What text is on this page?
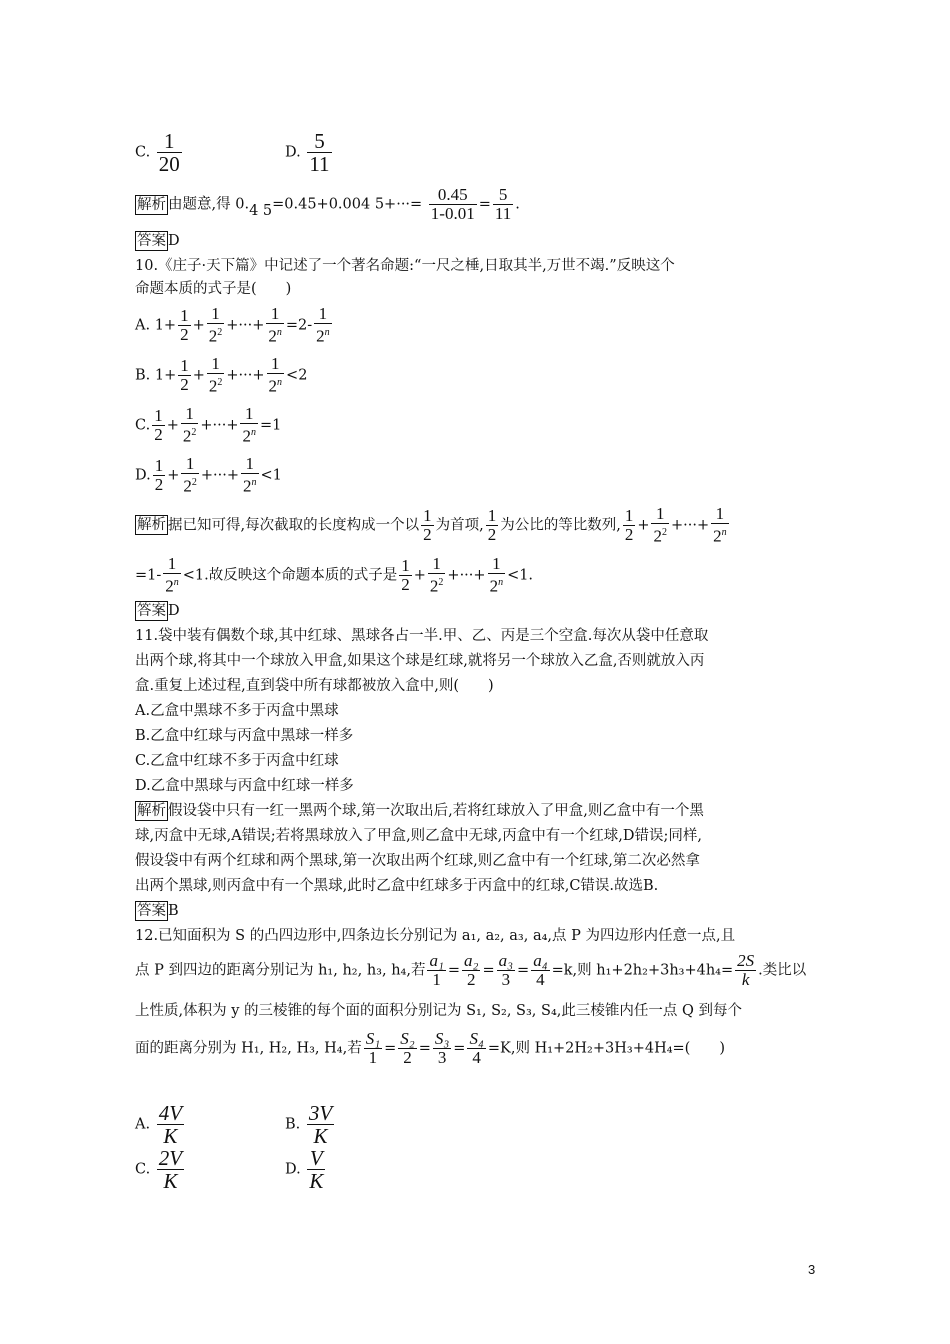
C. $\frac{1}{20}$	D. $\frac{5}{11}$
解析 由题意,得 0.4 5=0.45+0.004 $5+\cdot\cdot\cdot= \frac{0.45}{1-0.01} = \frac{5}{11}$ .
答案 D
10.《庄子·天下篇》中记述了一个著名命题:“一尺之棰,日取其半,万世不竭.”反映这个
命题本质的式子是(　　)
A. $1+ \frac{1}{2} + \frac{1}{2^2}$ +···+ $\frac{1}{2^n} =2- \frac{1}{2^n}$
B. $1+ \frac{1}{2} + \frac{1}{2^2}$ +···+ $\frac{1}{2^n} <2$
C. $\frac{1}{2} + \frac{1}{2^2}$ +···+ $\frac{1}{2^n} =1$
D. $\frac{1}{2} + \frac{1}{2^2}$ +···+ $\frac{1}{2^n} <1$
解析 据已知可得,每次截取的长度构成一个以 $\frac{1}{2}$ 为首项, $\frac{1}{2}$ 为公比的等比数列, $\frac{1}{2} + \frac{1}{2^2}$ +···+ $\frac{1}{2^n}$
$=1- \frac{1}{2^n} <1$.故反映这个命题本质的式子是 $\frac{1}{2} + \frac{1}{2^2}$ +···+ $\frac{1}{2^n} <1$.
答案 D
11.袋中装有偶数个球,其中红球、黑球各占一半.甲、乙、丙是三个空盒.每次从袋中任意取
出两个球,将其中一个球放入甲盒,如果这个球是红球,就将另一个球放入乙盒,否则就放入丙
盒.重复上述过程,直到袋中所有球都被放入盒中,则(　　)
A.乙盒中黑球不多于丙盒中黑球
B.乙盒中红球与丙盒中黑球一样多
C.乙盒中红球不多于丙盒中红球
D.乙盒中黑球与丙盒中红球一样多
解析 假设袋中只有一红一黑两个球,第一次取出后,若将红球放入了甲盒,则乙盒中有一个黑
球,丙盒中无球,A错误;若将黑球放入了甲盒,则乙盒中无球,丙盒中有一个红球,D错误;同样,
假设袋中有两个红球和两个黑球,第一次取出两个红球,则乙盒中有一个红球,第二次必然拿
出两个黑球,则丙盒中有一个黑球,此时乙盒中红球多于丙盒中的红球,C错误.故选B.
答案 B
12.已知面积为 S 的凸四边形中,四条边长分别记为 a₁, a₂, a₃, a₄,点 P 为四边形内任意一点,且
点 P 到四边的距离分别记为 h₁, h₂, h₃, h₄,若 $\frac{\text{a₁}}{1} = \frac{\text{a₂}}{2} = \frac{\text{a₃}}{3} = \frac{\text{a₄}}{4} =k$,则 $h_1+2h_2+3h_3+4h_4= \frac{2S}{k}$ .类比以
上性质,体积为 y 的三棱锥的每个面的面积分别记为 S₁, S₂, S₃, S₄,此三棱锥内任一点 Q 到每个
面的距离分别为 H₁, H₂, H₃, H₄,若 $\frac{\text{S₁}}{1} = \frac{\text{S₂}}{2} = \frac{\text{S₃}}{3} = \frac{\text{S₄}}{4} =K$,则 H₁+2H₂+3H₃+4H₄=(　　)
A. $\frac{4V}{K}$	B. $\frac{3V}{K}$
C. $\frac{2V}{K}$	D. $\frac{V}{K}$
3
